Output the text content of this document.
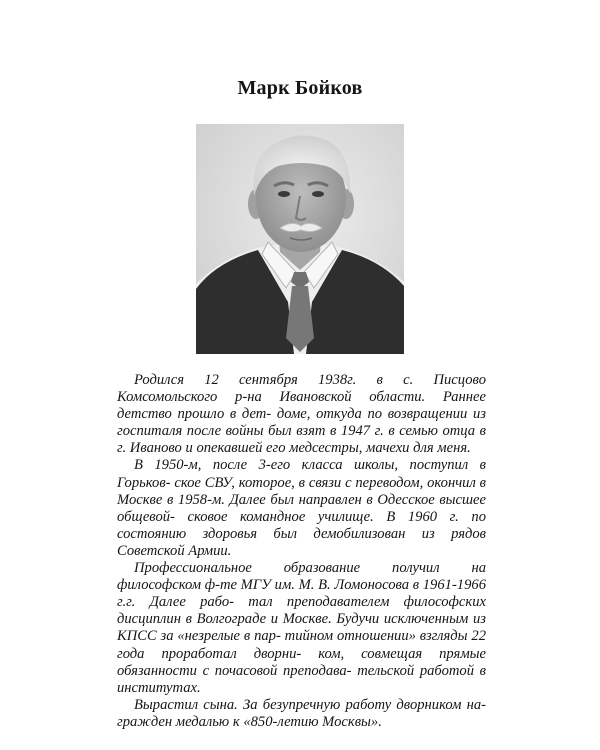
Марк Бойков

Родился 12 сентября 1938г. в с. Писцово Комсомольского р-на Ивановской области. Раннее детство прошло в дет- доме, откуда по возвращении из госпиталя после войны был взят в 1947 г. в семью отца в г. Иваново и опекавшей его медсестры, мачехи для меня.

В 1950-м, после 3-его класса школы, поступил в Горьков- ское СВУ, которое, в связи с переводом, окончил в Москве в 1958-м. Далее был направлен в Одесское высшее общевой- сковое командное училище. В 1960 г. по состоянию здоровья был демобилизован из рядов Советской Армии.

Профессиональное образование получил на философском ф-те МГУ им. М. В. Ломоносова в 1961-1966 г.г. Далее рабо- тал преподавателем философских дисциплин в Волгограде и Москве. Будучи исключенным из КПСС за «незрелые в пар- тийном отношении» взгляды 22 года проработал дворни- ком, совмещая прямые обязанности с почасовой преподава- тельской работой в институтах.

Вырастил сына. За безупречную работу дворником на- гражден медалью к «850-летию Москвы».
